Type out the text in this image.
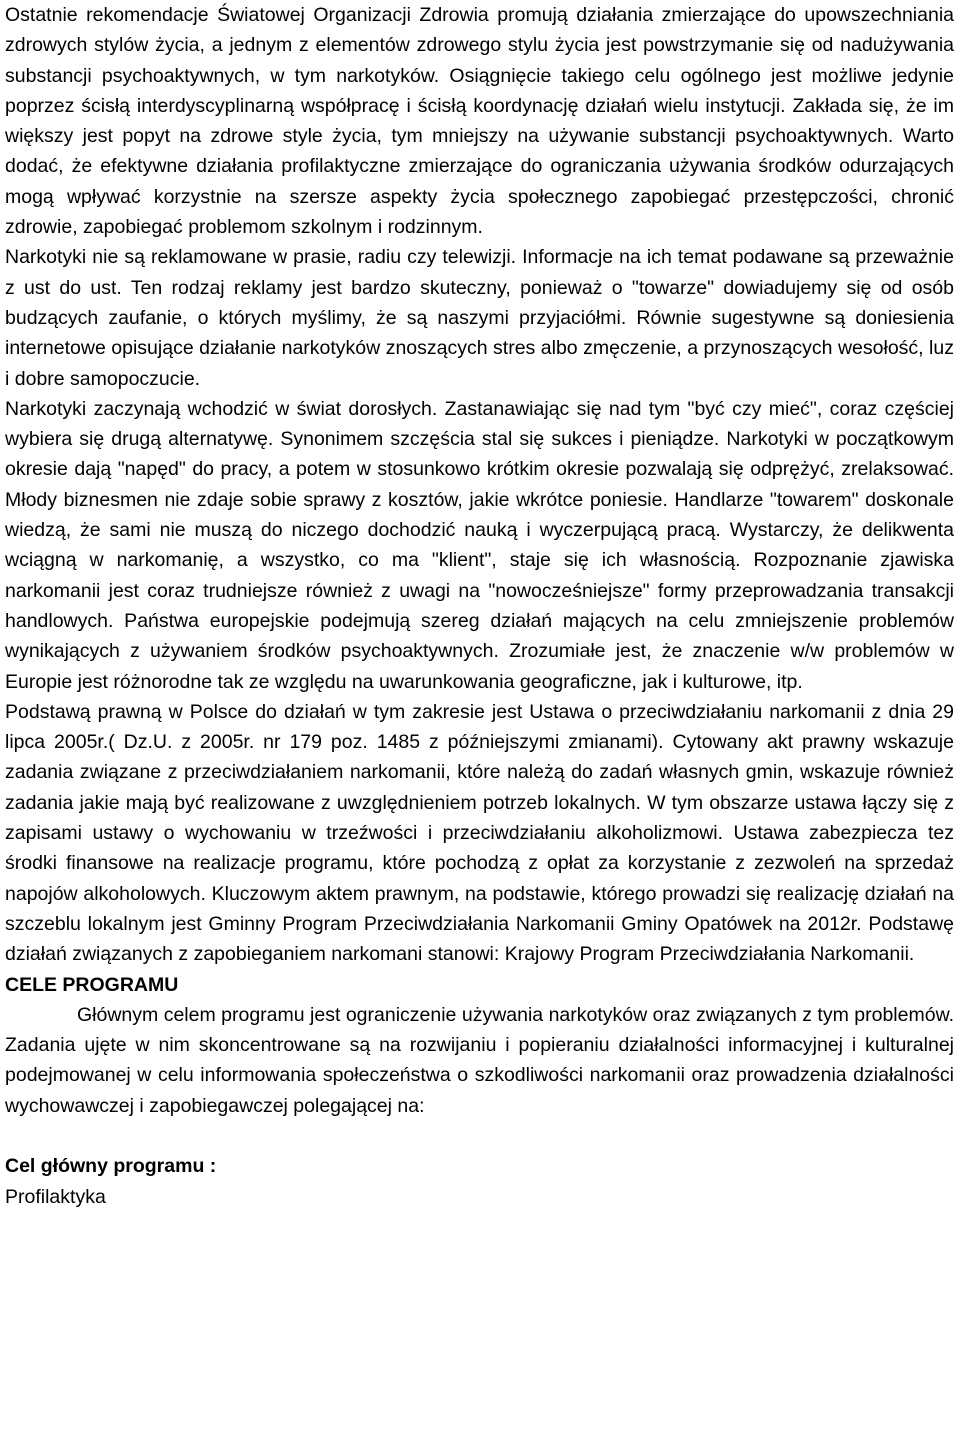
Ostatnie rekomendacje Światowej Organizacji Zdrowia promują działania zmierzające do upowszechniania zdrowych stylów życia, a jednym z elementów zdrowego stylu życia jest powstrzymanie się od nadużywania substancji psychoaktywnych, w tym narkotyków. Osiągnięcie takiego celu ogólnego jest możliwe jedynie poprzez ścisłą interdyscyplinarną współpracę i ścisłą koordynację działań wielu instytucji. Zakłada się, że im większy jest popyt na zdrowe style życia, tym mniejszy na używanie substancji psychoaktywnych. Warto dodać, że efektywne działania profilaktyczne zmierzające do ograniczania używania środków odurzających mogą wpływać korzystnie na szersze aspekty życia społecznego zapobiegać przestępczości, chronić zdrowie, zapobiegać problemom szkolnym i rodzinnym.

Narkotyki nie są reklamowane w prasie, radiu czy telewizji. Informacje na ich temat podawane są przeważnie z ust do ust. Ten rodzaj reklamy jest bardzo skuteczny, ponieważ o "towarze" dowiadujemy się od osób budzących zaufanie, o których myślimy, że są naszymi przyjaciółmi. Równie sugestywne są doniesienia internetowe opisujące działanie narkotyków znoszących stres albo zmęczenie, a przynoszących wesołość, luz i dobre samopoczucie.

Narkotyki zaczynają wchodzić w świat dorosłych. Zastanawiając się nad tym "być czy mieć", coraz częściej wybiera się drugą alternatywę. Synonimem szczęścia stal się sukces i pieniądze. Narkotyki w początkowym okresie dają "napęd" do pracy, a potem w stosunkowo krótkim okresie pozwalają się odprężyć, zrelaksować. Młody biznesmen nie zdaje sobie sprawy z kosztów, jakie wkrótce poniesie. Handlarze "towarem" doskonale wiedzą, że sami nie muszą do niczego dochodzić nauką i wyczerpującą pracą. Wystarczy, że delikwenta wciągną w narkomanię, a wszystko, co ma "klient", staje się ich własnością. Rozpoznanie zjawiska narkomanii jest coraz trudniejsze również z uwagi na "nowocześniejsze" formy przeprowadzania transakcji handlowych. Państwa europejskie podejmują szereg działań mających na celu zmniejszenie problemów wynikających z używaniem środków psychoaktywnych. Zrozumiałe jest, że znaczenie w/w problemów w Europie jest różnorodne tak ze względu na uwarunkowania geograficzne, jak i kulturowe, itp.

Podstawą prawną w Polsce do działań w tym zakresie jest Ustawa o przeciwdziałaniu narkomanii z dnia 29 lipca 2005r.( Dz.U. z 2005r. nr 179 poz. 1485 z późniejszymi zmianami). Cytowany akt prawny wskazuje zadania związane z przeciwdziałaniem narkomanii, które należą do zadań własnych gmin, wskazuje również zadania jakie mają być realizowane z uwzględnieniem potrzeb lokalnych. W tym obszarze ustawa łączy się z zapisami ustawy o wychowaniu w trzeźwości i przeciwdziałaniu alkoholizmowi. Ustawa zabezpiecza tez środki finansowe na realizacje programu, które pochodzą z opłat za korzystanie z zezwoleń na sprzedaż napojów alkoholowych. Kluczowym aktem prawnym, na podstawie, którego prowadzi się realizację działań na szczeblu lokalnym jest Gminny Program Przeciwdziałania Narkomanii Gminy Opatówek na 2012r. Podstawę działań związanych z zapobieganiem narkomani stanowi: Krajowy Program Przeciwdziałania Narkomanii.

CELE PROGRAMU

Głównym celem programu jest ograniczenie używania narkotyków oraz związanych z tym problemów. Zadania ujęte w nim skoncentrowane są na rozwijaniu i popieraniu działalności informacyjnej i kulturalnej podejmowanej w celu informowania społeczeństwa o szkodliwości narkomanii oraz prowadzenia działalności wychowawczej i zapobiegawczej polegającej na:

Cel główny programu :

Profilaktyka
